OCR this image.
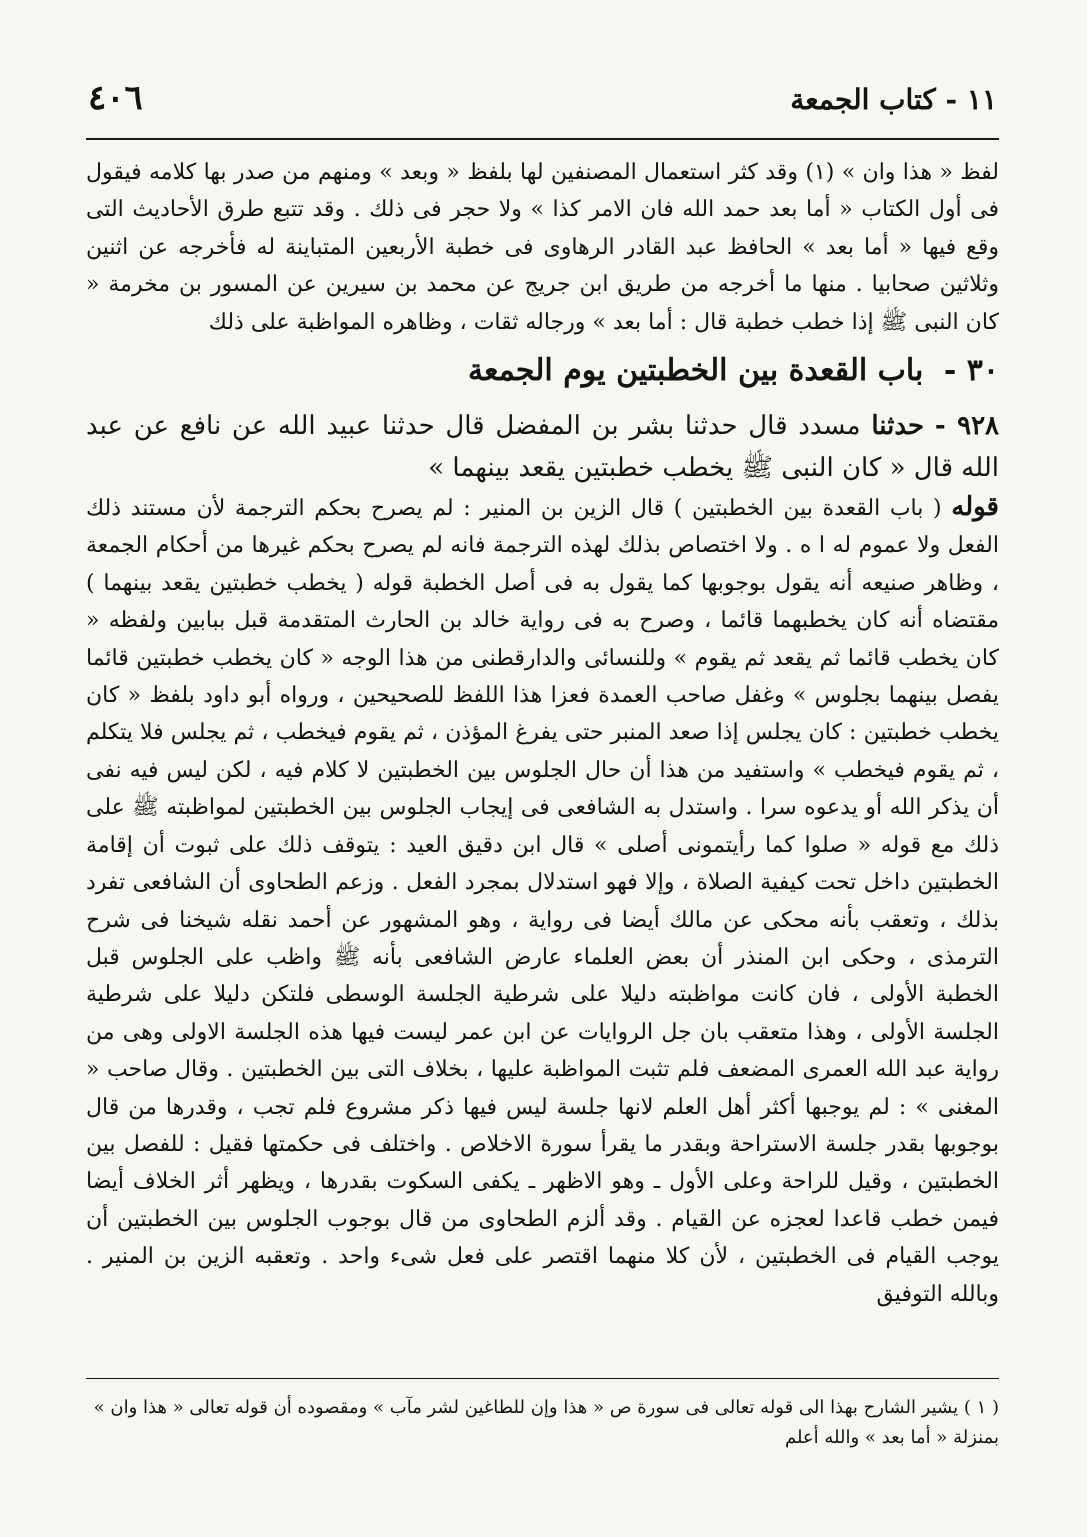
١١ - كتاب الجمعة
٤٠٦

لفظ « هذا وان » (١) وقد كثر استعمال المصنفين لها بلفظ « وبعد » ومنهم من صدر بها كلامه فيقول فى أول الكتاب « أما بعد حمد الله فان الامر كذا » ولا حجر فى ذلك . وقد تتبع طرق الأحاديث التى وقع فيها « أما بعد » الحافظ عبد القادر الرهاوى فى خطبة الأربعين المتباينة له فأخرجه عن اثنين وثلاثين صحابيا . منها ما أخرجه من طريق ابن جريج عن محمد بن سيرين عن المسور بن مخرمة « كان النبى ﷺ إذا خطب خطبة قال : أما بعد » ورجاله ثقات ، وظاهره المواظبة على ذلك

٣٠ - باب القعدة بين الخطبتين يوم الجمعة

٩٢٨ - حدثنا مسدد قال حدثنا بشر بن المفضل قال حدثنا عبيد الله عن نافع عن عبد الله قال « كان النبى ﷺ يخطب خطبتين يقعد بينهما »

قوله ( باب القعدة بين الخطبتين ) قال الزين بن المنير : لم يصرح بحكم الترجمة لأن مستند ذلك الفعل ولا عموم له ا ه . ولا اختصاص بذلك لهذه الترجمة فانه لم يصرح بحكم غيرها من أحكام الجمعة ، وظاهر صنيعه أنه يقول بوجوبها كما يقول به فى أصل الخطبة قوله ( يخطب خطبتين يقعد بينهما ) مقتضاه أنه كان يخطبهما قائما ، وصرح به فى رواية خالد بن الحارث المتقدمة قبل ببابين ولفظه « كان يخطب قائما ثم يقعد ثم يقوم » وللنسائى والدارقطنى من هذا الوجه « كان يخطب خطبتين قائما يفصل بينهما بجلوس » وغفل صاحب العمدة فعزا هذا اللفظ للصحيحين ، ورواه أبو داود بلفظ « كان يخطب خطبتين : كان يجلس إذا صعد المنبر حتى يفرغ المؤذن ، ثم يقوم فيخطب ، ثم يجلس فلا يتكلم ، ثم يقوم فيخطب » واستفيد من هذا أن حال الجلوس بين الخطبتين لا كلام فيه ، لكن ليس فيه نفى أن يذكر الله أو يدعوه سرا . واستدل به الشافعى فى إيجاب الجلوس بين الخطبتين لمواظبته ﷺ على ذلك مع قوله « صلوا كما رأيتمونى أصلى » قال ابن دقيق العيد : يتوقف ذلك على ثبوت أن إقامة الخطبتين داخل تحت كيفية الصلاة ، وإلا فهو استدلال بمجرد الفعل . وزعم الطحاوى أن الشافعى تفرد بذلك ، وتعقب بأنه محكى عن مالك أيضا فى رواية ، وهو المشهور عن أحمد نقله شيخنا فى شرح الترمذى ، وحكى ابن المنذر أن بعض العلماء عارض الشافعى بأنه ﷺ واظب على الجلوس قبل الخطبة الأولى ، فان كانت مواظبته دليلا على شرطية الجلسة الوسطى فلتكن دليلا على شرطية الجلسة الأولى ، وهذا متعقب بان جل الروايات عن ابن عمر ليست فيها هذه الجلسة الاولى وهى من رواية عبد الله العمرى المضعف فلم تثبت المواظبة عليها ، بخلاف التى بين الخطبتين . وقال صاحب « المغنى » : لم يوجبها أكثر أهل العلم لانها جلسة ليس فيها ذكر مشروع فلم تجب ، وقدرها من قال بوجوبها بقدر جلسة الاستراحة وبقدر ما يقرأ سورة الاخلاص . واختلف فى حكمتها فقيل : للفصل بين الخطبتين ، وقيل للراحة وعلى الأول ـ وهو الاظهر ـ يكفى السكوت بقدرها ، ويظهر أثر الخلاف أيضا فيمن خطب قاعدا لعجزه عن القيام . وقد ألزم الطحاوى من قال بوجوب الجلوس بين الخطبتين أن يوجب القيام فى الخطبتين ، لأن كلا منهما اقتصر على فعل شىء واحد . وتعقبه الزين بن المنير . وبالله التوفيق

( ١ ) يشير الشارح بهذا الى قوله تعالى فى سورة ص « هذا وإن للطاغين لشر مآب » ومقصوده أن قوله تعالى « هذا وان » بمنزلة « أما بعد » والله أعلم
